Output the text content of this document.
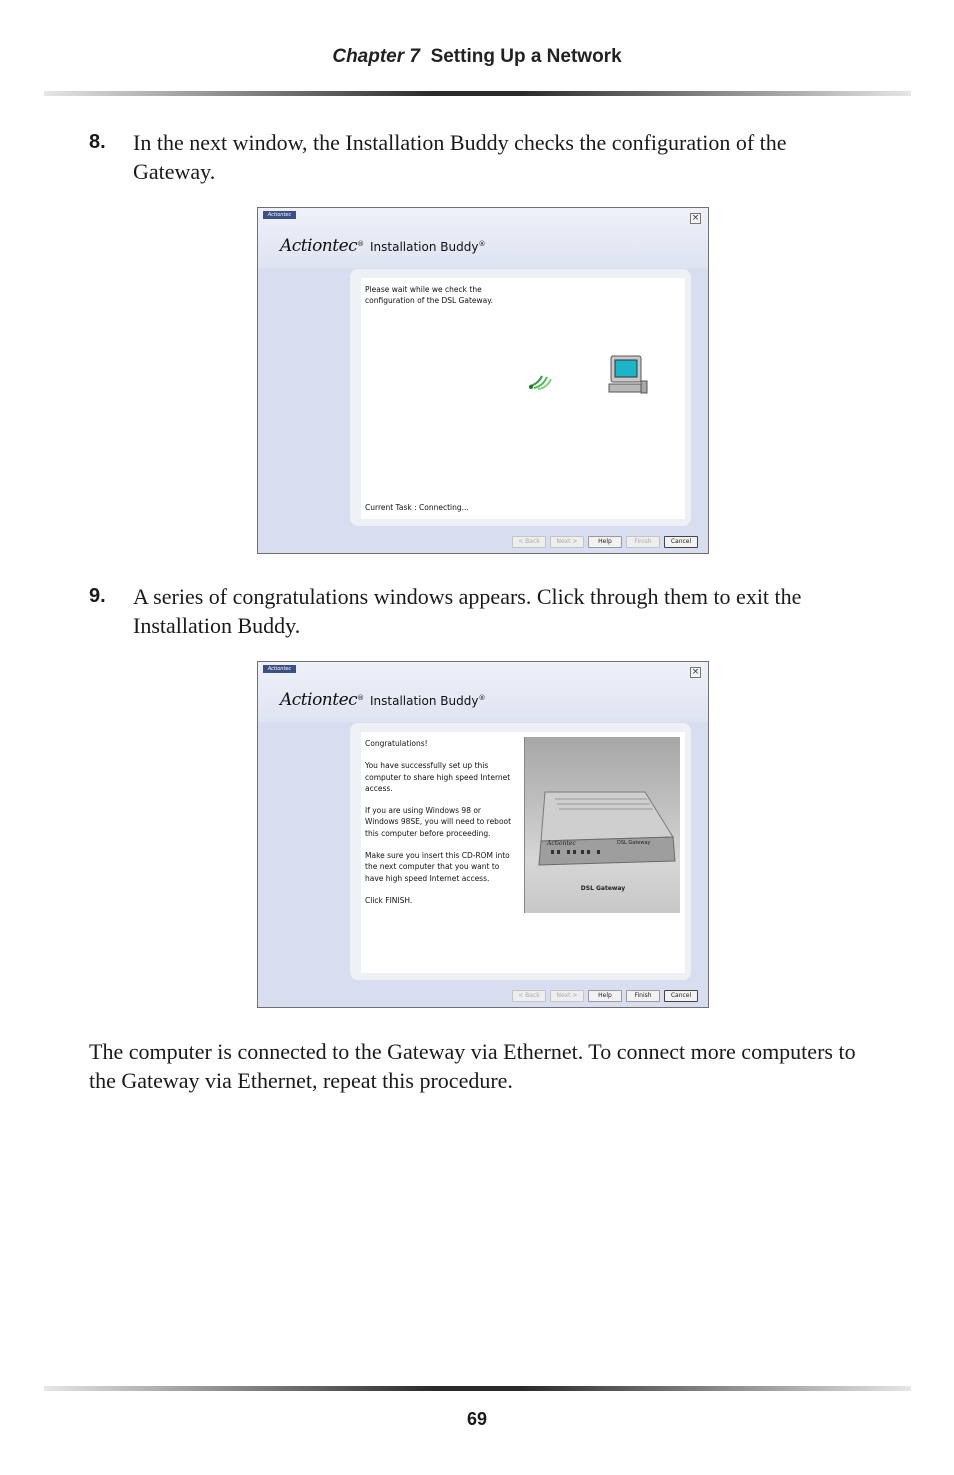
Chapter 7 Setting Up a Network
8. In the next window, the Installation Buddy checks the configuration of the Gateway.
Actiontec	×
Actiontec® Installation Buddy®
Please wait while we check the
configuration of the DSL Gateway.
Current Task : Connecting...
< Back	Next >	Help	Finish	Cancel
9. A series of congratulations windows appears. Click through them to exit the Installation Buddy.
Actiontec	×
Actiontec® Installation Buddy®
Congratulations!
You have successfully set up this
computer to share high speed Internet
access.
If you are using Windows 98 or
Windows 98SE, you will need to reboot
this computer before proceeding.
Make sure you insert this CD-ROM into
the next computer that you want to
have high speed Internet access.
Click FINISH.
Actiontec	DSL Gateway
DSL Gateway
< Back	Next >	Help	Finish	Cancel

The computer is connected to the Gateway via Ethernet. To connect more computers to the Gateway via Ethernet, repeat this procedure.

69
